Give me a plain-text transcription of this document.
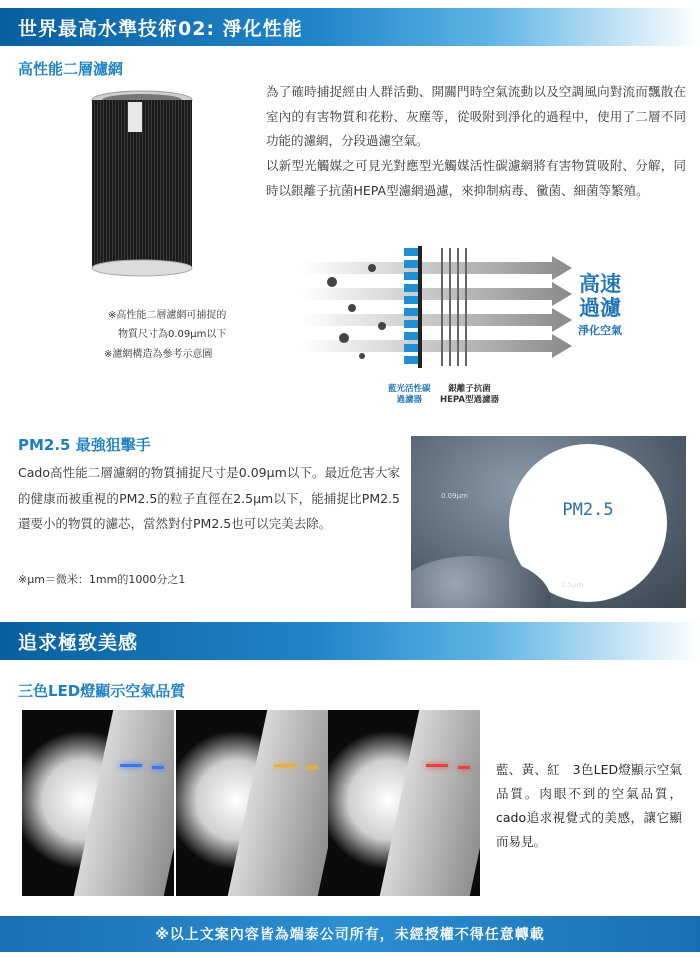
世界最高水準技術02: 淨化性能
高性能二層濾網
為了確時捕捉經由人群活動、開關門時空氣流動以及空調風向對流而飄散在室內的有害物質和花粉、灰塵等，從吸附到淨化的過程中，使用了二層不同功能的濾網，分段過濾空氣。
以新型光觸媒之可見光對應型光觸媒活性碳濾網將有害物質吸附、分解，同時以銀離子抗菌HEPA型濾網過濾，來抑制病毒、黴菌、細菌等繁殖。
※高性能二層濾網可捕捉的
物質尺寸為0.09μm以下
※濾網構造為參考示意圖
藍光活性碳
過濾器
銀離子抗菌
HEPA型過濾器
高速
過濾
淨化空氣
PM2.5 最強狙擊手
Cado高性能二層濾網的物質捕捉尺寸是0.09μm以下。最近危害大家的健康而被重視的PM2.5的粒子直徑在2.5μm以下，能捕捉比PM2.5還要小的物質的濾芯，當然對付PM2.5也可以完美去除。
※μm＝微米：1mm的1000分之1
0.09μm
PM2.5
2.5μm
追求極致美感
三色LED燈顯示空氣品質
藍、黃、紅　3色LED燈顯示空氣品質。肉眼不到的空氣品質，cado追求視覺式的美感，讓它顯而易見。
※以上文案內容皆為端泰公司所有，未經授權不得任意轉載
